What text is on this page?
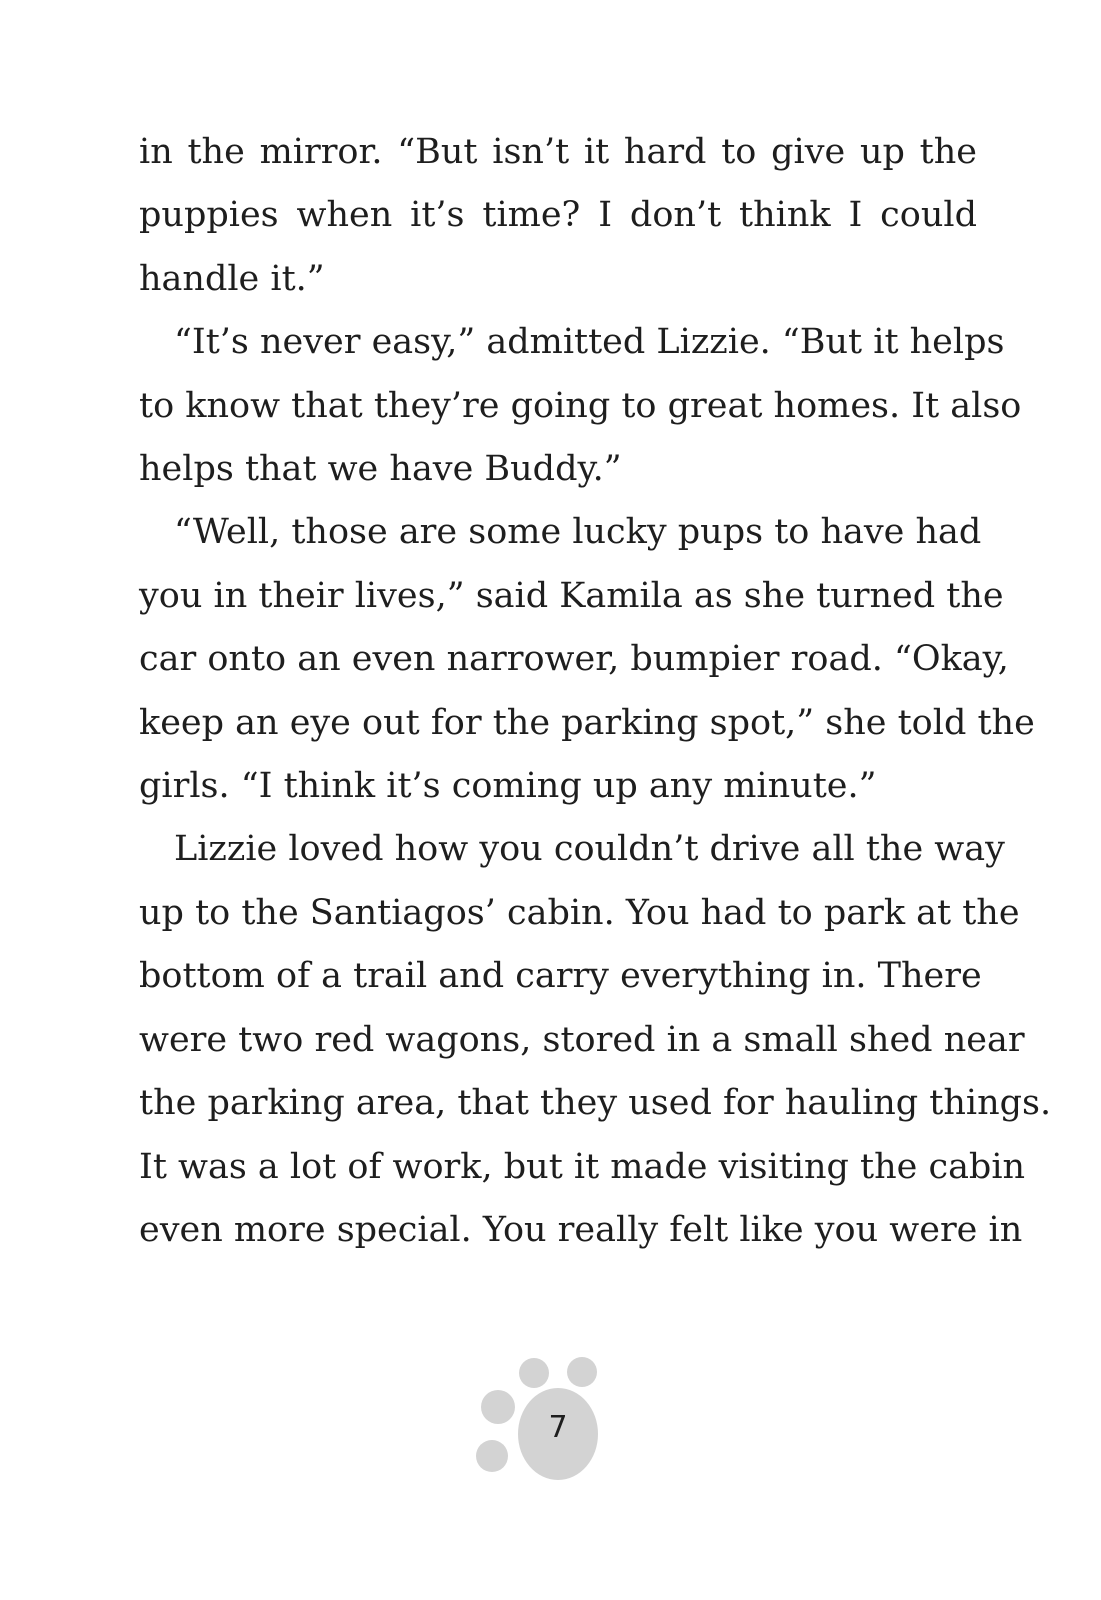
in the mirror. “But isn’t it hard to give up the
puppies when it’s time? I don’t think I could
handle it.”
“It’s never easy,” admitted Lizzie. “But it helps
to know that they’re going to great homes. It also
helps that we have Buddy.”
“Well, those are some lucky pups to have had
you in their lives,” said Kamila as she turned the
car onto an even narrower, bumpier road. “Okay,
keep an eye out for the parking spot,” she told the
girls. “I think it’s coming up any minute.”
Lizzie loved how you couldn’t drive all the way
up to the Santiagos’ cabin. You had to park at the
bottom of a trail and carry everything in. There
were two red wagons, stored in a small shed near
the parking area, that they used for hauling things.
It was a lot of work, but it made visiting the cabin
even more special. You really felt like you were in
7
